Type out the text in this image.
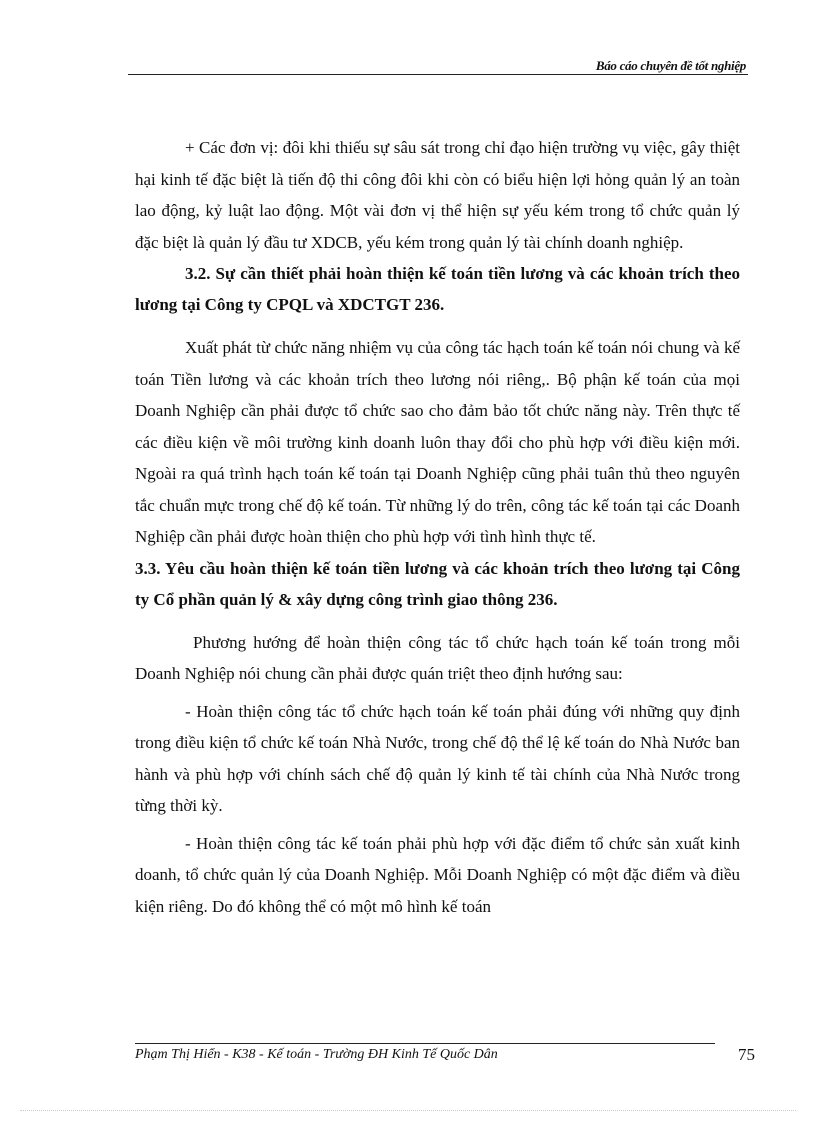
Báo cáo chuyên đề tốt nghiệp

+ Các đơn vị: đôi khi thiếu sự sâu sát trong chỉ đạo hiện trường vụ việc, gây thiệt hại kinh tế đặc biệt là tiến độ thi công đôi khi còn có biểu hiện lợi hỏng quản lý an toàn lao động, kỷ luật lao động. Một vài đơn vị thể hiện sự yếu kém trong tổ chức quản lý đặc biệt là quản lý đầu tư XDCB, yếu kém trong quản lý tài chính doanh nghiệp.

3.2. Sự cần thiết phải hoàn thiện kế toán tiền lương và các khoản trích theo lương tại Công ty CPQL và XDCTGT 236.

Xuất phát từ chức năng nhiệm vụ của công tác hạch toán kế toán nói chung và kế toán Tiền lương và các khoản trích theo lương nói riêng,. Bộ phận kế toán của mọi Doanh Nghiệp cần phải được tổ chức sao cho đảm bảo tốt chức năng này. Trên thực tế các điều kiện về môi trường kinh doanh luôn thay đổi cho phù hợp với điều kiện mới. Ngoài ra quá trình hạch toán kế toán tại Doanh Nghiệp cũng phải tuân thủ theo nguyên tắc chuẩn mực trong chế độ kế toán. Từ những lý do trên, công tác kế toán tại các Doanh Nghiệp cần phải được hoàn thiện cho phù hợp với tình hình thực tế.

3.3. Yêu cầu hoàn thiện kế toán tiền lương và các khoản trích theo lương tại Công ty Cổ phần quản lý & xây dựng công trình giao thông 236.

Phương hướng để hoàn thiện công tác tổ chức hạch toán kế toán trong mỗi Doanh Nghiệp nói chung cần phải được quán triệt theo định hướng sau:

- Hoàn thiện công tác tổ chức hạch toán kế toán phải đúng với những quy định trong điều kiện tổ chức kế toán Nhà Nước, trong chế độ thể lệ kế toán do Nhà Nước ban hành và phù hợp với chính sách chế độ quản lý kinh tế tài chính của Nhà Nước trong từng thời kỳ.

- Hoàn thiện công tác kế toán phải phù hợp với đặc điểm tổ chức sản xuất kinh doanh, tổ chức quản lý của Doanh Nghiệp. Mỗi Doanh Nghiệp có một đặc điểm và điều kiện riêng. Do đó không thể có một mô hình kế toán

Phạm Thị Hiển - K38 - Kế toán - Trường ĐH Kinh Tế Quốc Dân	75
